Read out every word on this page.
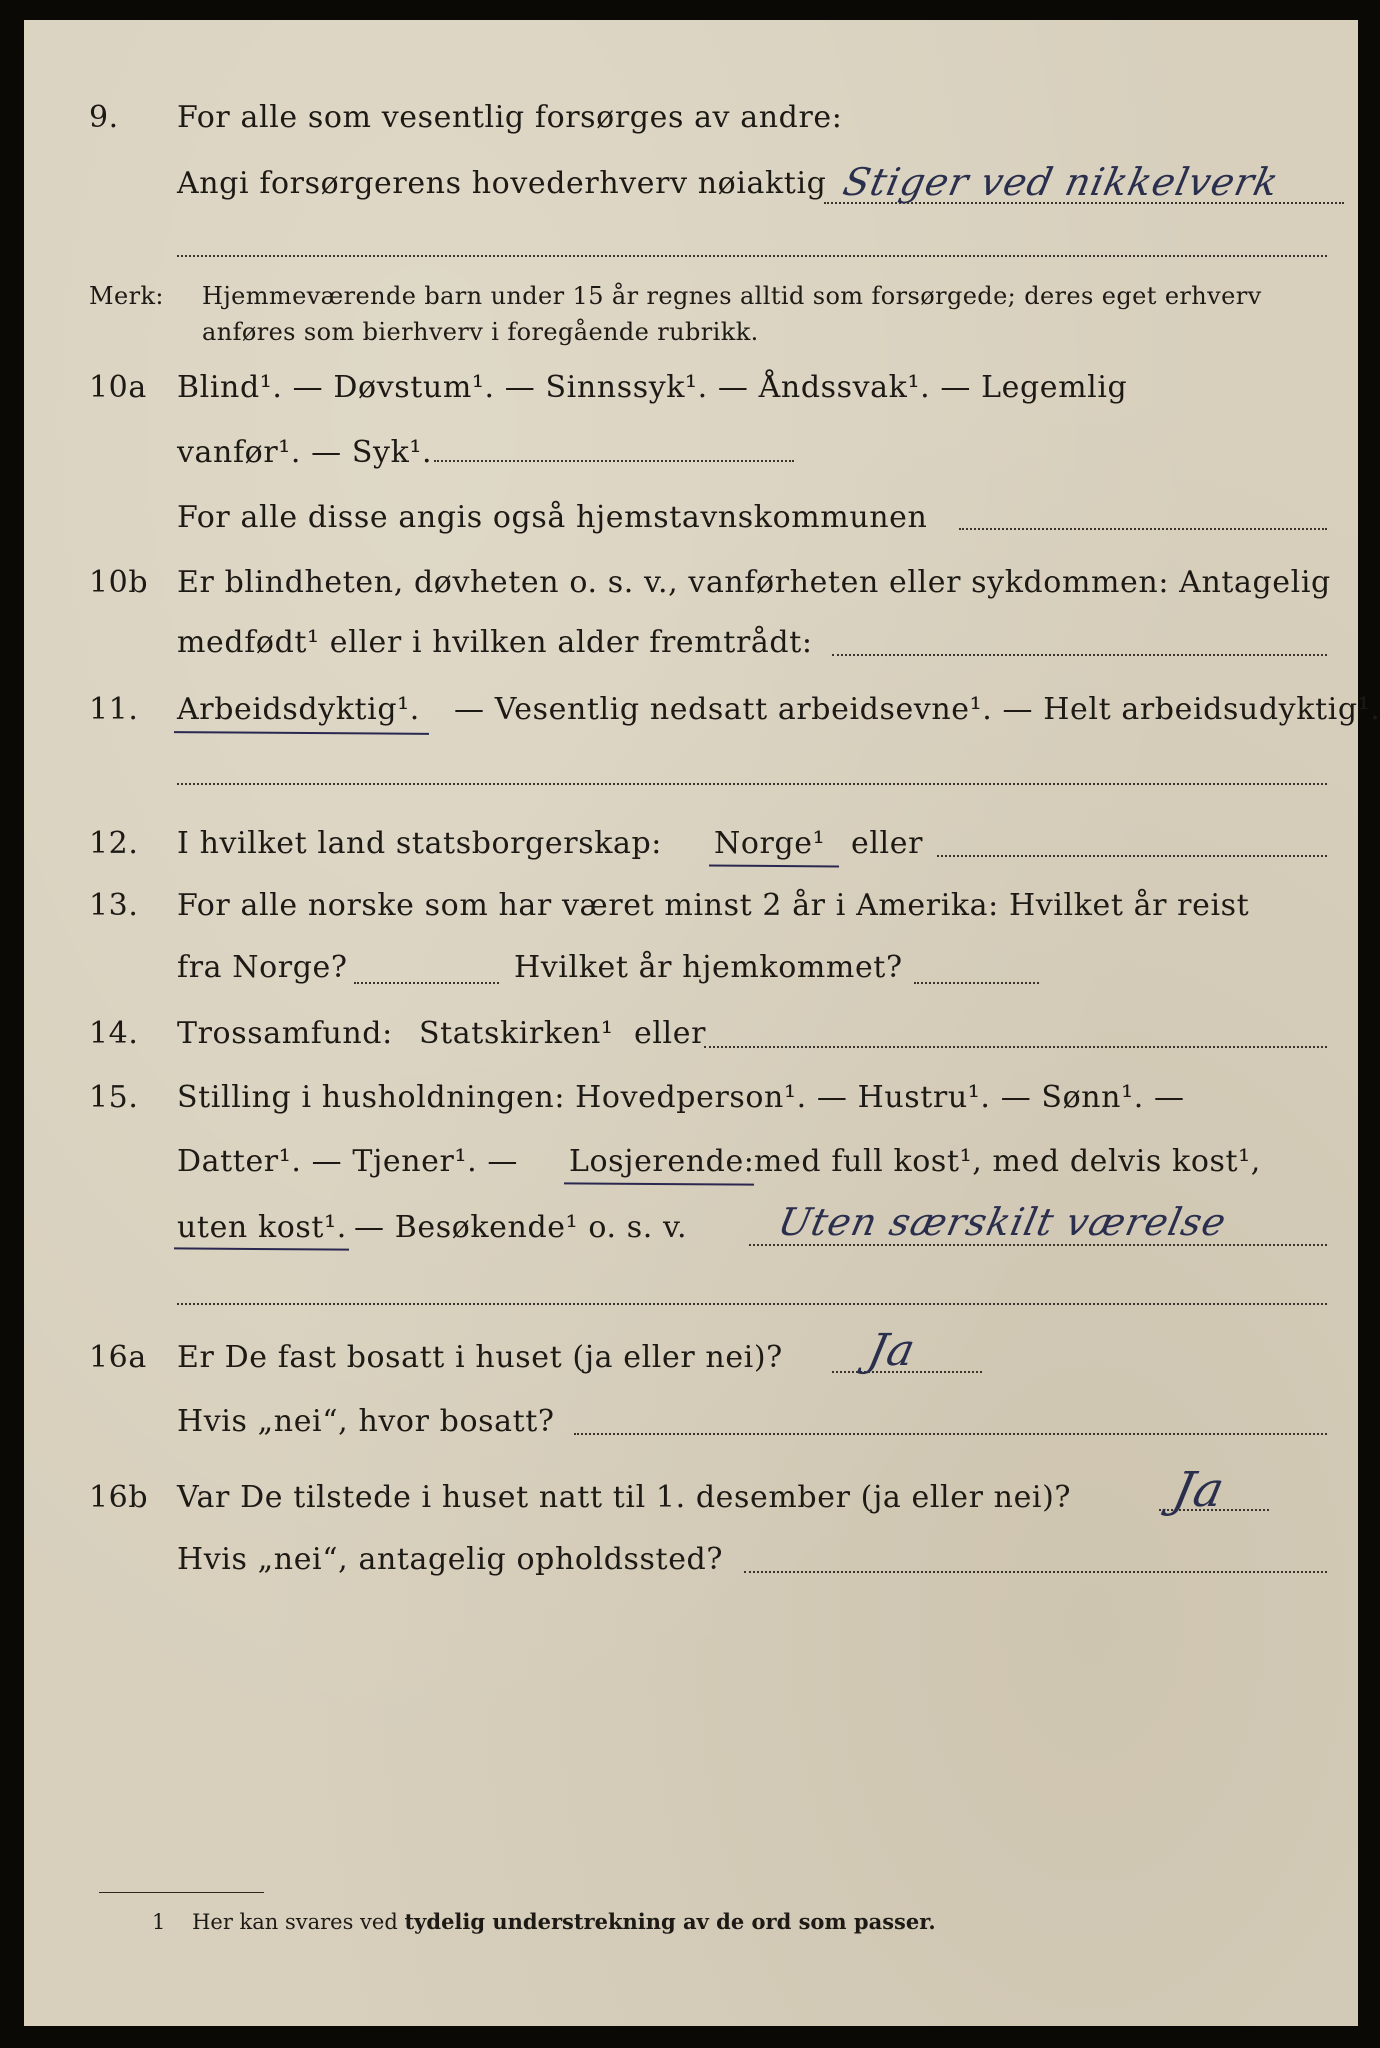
9. For alle som vesentlig forsørges av andre:
Angi forsørgerens hovederhverv nøiaktig Stiger ved nikkelverk
Merk: Hjemmeværende barn under 15 år regnes alltid som forsørgede; deres eget erhverv
anføres som bierhverv i foregående rubrikk.
10a Blind¹. — Døvstum¹. — Sinnssyk¹. — Åndssvak¹. — Legemlig
vanfør¹. — Syk¹.
For alle disse angis også hjemstavnskommunen
10b Er blindheten, døvheten o. s. v., vanførheten eller sykdommen: Antagelig
medfødt¹ eller i hvilken alder fremtrådt:
11. Arbeidsdyktig¹. — Vesentlig nedsatt arbeidsevne¹. — Helt arbeidsudyktig¹.
12. I hvilket land statsborgerskap: Norge¹ eller
13. For alle norske som har været minst 2 år i Amerika: Hvilket år reist
fra Norge?	Hvilket år hjemkommet?
14. Trossamfund: Statskirken¹ eller
15. Stilling i husholdningen: Hovedperson¹. — Hustru¹. — Sønn¹. —
Datter¹. — Tjener¹. — Losjerende: med full kost¹, med delvis kost¹,
uten kost¹. — Besøkende¹ o. s. v. Uten særskilt værelse
16a Er De fast bosatt i huset (ja eller nei)? Ja
Hvis „nei“, hvor bosatt?
16b Var De tilstede i huset natt til 1. desember (ja eller nei)? Ja
Hvis „nei“, antagelig opholdssted?
1 Her kan svares ved tydelig understrekning av de ord som passer.
